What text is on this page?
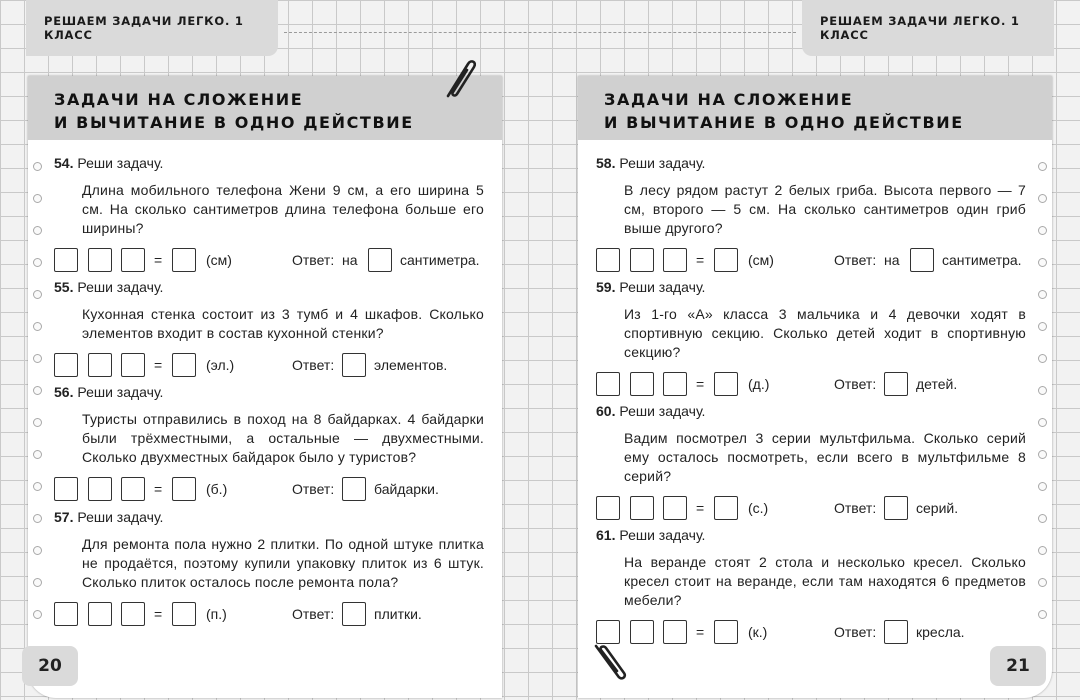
РЕШАЕМ ЗАДАЧИ ЛЕГКО. 1 КЛАСС
РЕШАЕМ ЗАДАЧИ ЛЕГКО. 1 КЛАСС
ЗАДАЧИ НА СЛОЖЕНИЕ
И ВЫЧИТАНИЕ В ОДНО ДЕЙСТВИЕ
54. Реши задачу.
Длина мобильного телефона Жени 9 см, а его ширина 5 см. На сколько сантиметров длина телефона больше его ширины?
=	(см)	Ответ: на	сантиметра.
55. Реши задачу.
Кухонная стенка состоит из 3 тумб и 4 шкафов. Сколько элементов входит в состав кухонной стенки?
=	(эл.)	Ответ:	элементов.
56. Реши задачу.
Туристы отправились в поход на 8 байдарках. 4 байдарки были трёхместными, а остальные — двухместными. Сколько двухместных байдарок было у туристов?
=	(б.)	Ответ:	байдарки.
57. Реши задачу.
Для ремонта пола нужно 2 плитки. По одной штуке плитка не продаётся, поэтому купили упаковку плиток из 6 штук. Сколько плиток осталось после ремонта пола?
=	(п.)	Ответ:	плитки.
ЗАДАЧИ НА СЛОЖЕНИЕ
И ВЫЧИТАНИЕ В ОДНО ДЕЙСТВИЕ
58. Реши задачу.
В лесу рядом растут 2 белых гриба. Высота первого — 7 см, второго — 5 см. На сколько сантиметров один гриб выше другого?
=	(см)	Ответ: на	сантиметра.
59. Реши задачу.
Из 1-го «А» класса 3 мальчика и 4 девочки ходят в спортивную секцию. Сколько детей ходит в спортивную секцию?
=	(д.)	Ответ:	детей.
60. Реши задачу.
Вадим посмотрел 3 серии мультфильма. Сколько серий ему осталось посмотреть, если всего в мультфильме 8 серий?
=	(с.)	Ответ:	серий.
61. Реши задачу.
На веранде стоят 2 стола и несколько кресел. Сколько кресел стоит на веранде, если там находятся 6 предметов мебели?
=	(к.)	Ответ:	кресла.
20	21
